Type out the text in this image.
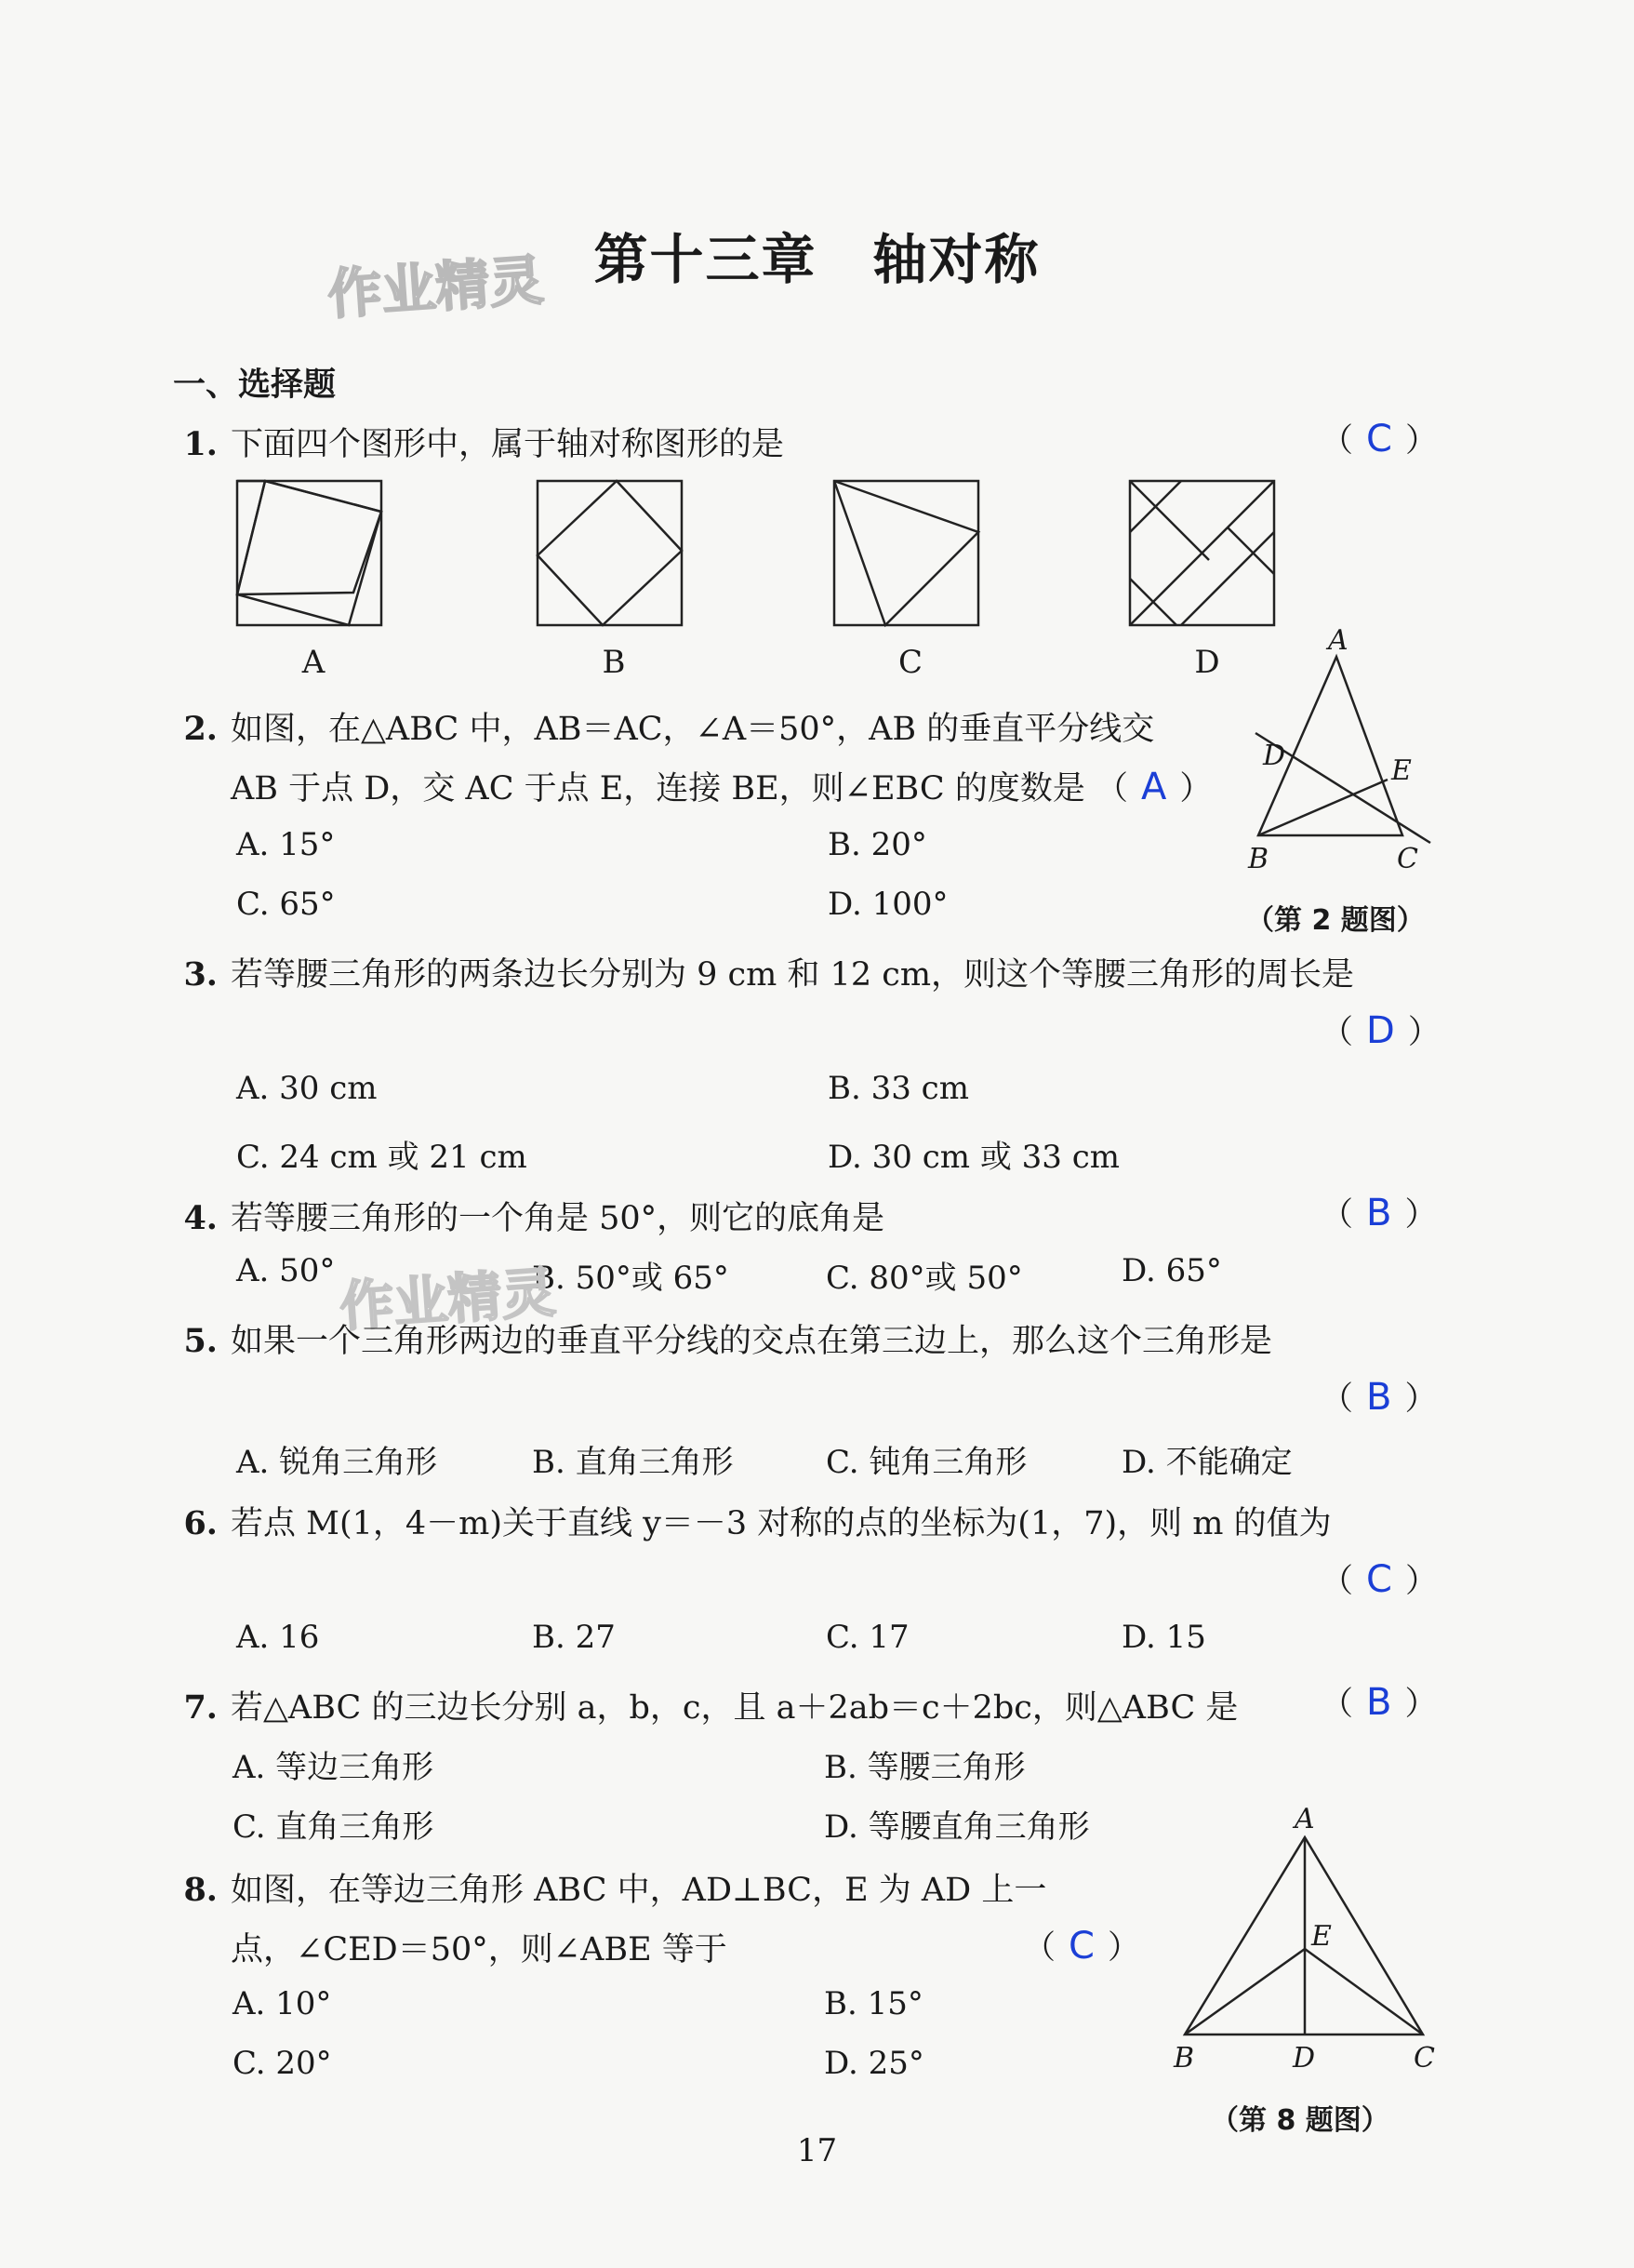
第十三章 轴对称
作业精灵
一、选择题
1. 下面四个图形中，属于轴对称图形的是	（ C ）
A	B	C	D
2. 如图，在△ABC 中，AB＝AC，∠A＝50°，AB 的垂直平分线交
AB 于点 D，交 AC 于点 E，连接 BE，则∠EBC 的度数是 （ A ）
A. 15°	B. 20°
C. 65°	D. 100°
A
D	E
B	C
（第 2 题图）
3. 若等腰三角形的两条边长分别为 9 cm 和 12 cm，则这个等腰三角形的周长是
（ D ）
A. 30 cm	B. 33 cm
C. 24 cm 或 21 cm	D. 30 cm 或 33 cm
4. 若等腰三角形的一个角是 50°，则它的底角是	（ B ）
A. 50°	B. 50°或 65°	C. 80°或 50°	D. 65°
作业精灵
5. 如果一个三角形两边的垂直平分线的交点在第三边上，那么这个三角形是
（ B ）
A. 锐角三角形	B. 直角三角形	C. 钝角三角形	D. 不能确定
6. 若点 M(1，4－m)关于直线 y＝－3 对称的点的坐标为(1，7)，则 m 的值为
（ C ）
A. 16	B. 27	C. 17	D. 15
7. 若△ABC 的三边长分别 a，b，c，且 a＋2ab＝c＋2bc，则△ABC 是	（ B ）
A. 等边三角形	B. 等腰三角形
C. 直角三角形	D. 等腰直角三角形
8. 如图，在等边三角形 ABC 中，AD⊥BC，E 为 AD 上一
点，∠CED＝50°，则∠ABE 等于	（ C ）
A. 10°	B. 15°
C. 20°	D. 25°
A
E
B	D	C
（第 8 题图）
17
